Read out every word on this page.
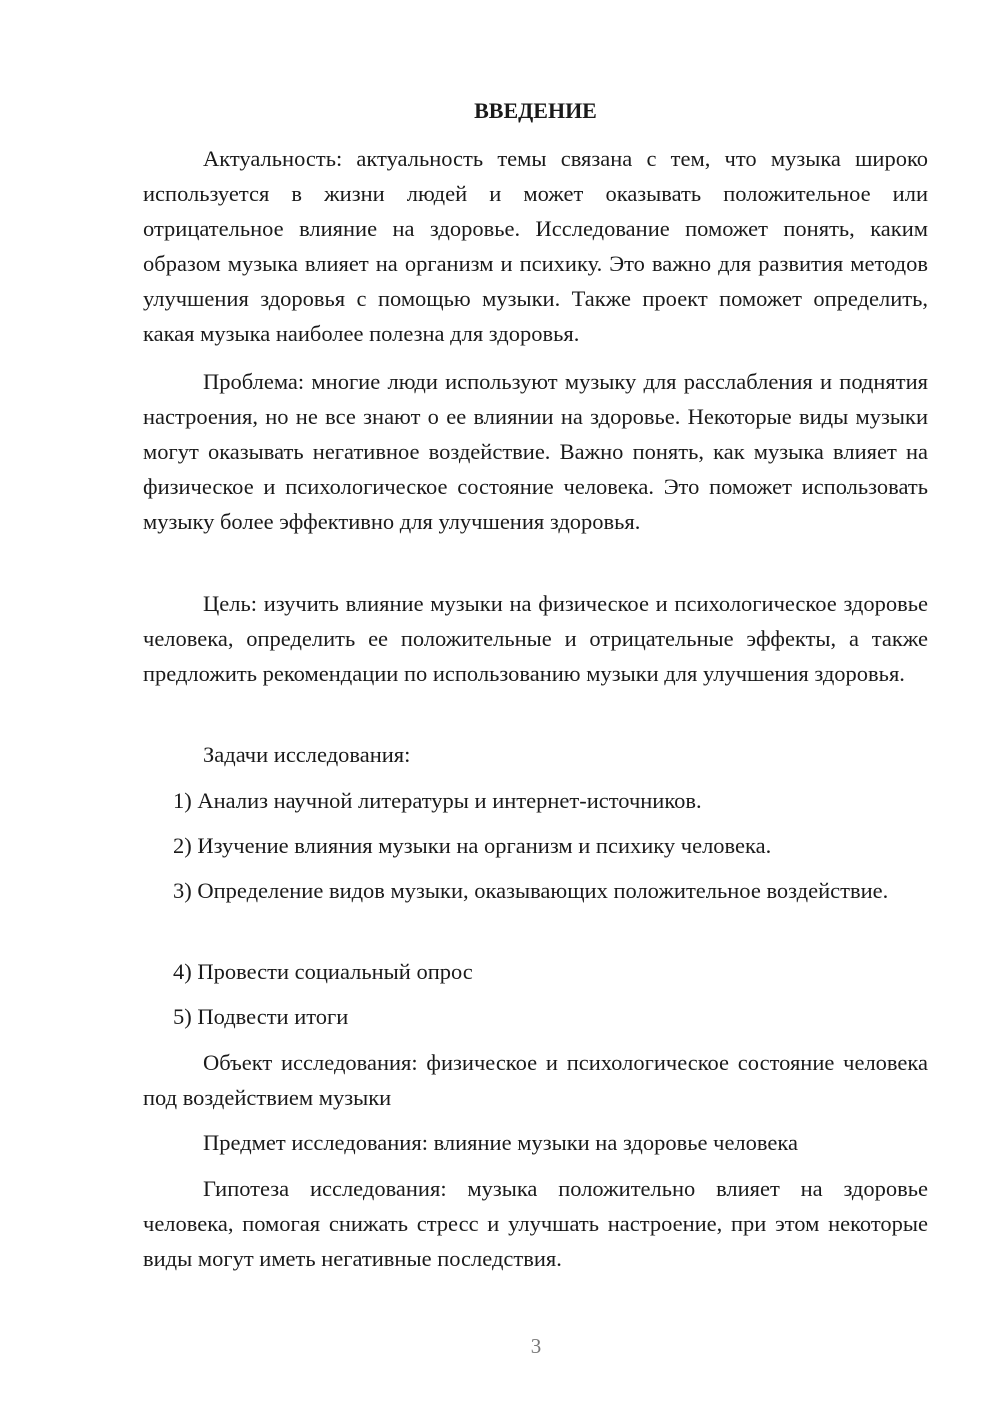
ВВЕДЕНИЕ

Актуальность: актуальность темы связана с тем, что музыка широко используется в жизни людей и может оказывать положительное или отрицательное влияние на здоровье. Исследование поможет понять, каким образом музыка влияет на организм и психику. Это важно для развития методов улучшения здоровья с помощью музыки. Также проект поможет определить, какая музыка наиболее полезна для здоровья.

Проблема: многие люди используют музыку для расслабления и поднятия настроения, но не все знают о ее влиянии на здоровье. Некоторые виды музыки могут оказывать негативное воздействие. Важно понять, как музыка влияет на физическое и психологическое состояние человека. Это поможет использовать музыку более эффективно для улучшения здоровья.

Цель: изучить влияние музыки на физическое и психологическое здоровье человека, определить ее положительные и отрицательные эффекты, а также предложить рекомендации по использованию музыки для улучшения здоровья.

Задачи исследования:

1) Анализ научной литературы и интернет-источников.

2) Изучение влияния музыки на организм и психику человека.

3) Определение видов музыки, оказывающих положительное воздействие.

4) Провести социальный опрос

5) Подвести итоги

Объект исследования: физическое и психологическое состояние человека под воздействием музыки

Предмет исследования: влияние музыки на здоровье человека

Гипотеза исследования: музыка положительно влияет на здоровье человека, помогая снижать стресс и улучшать настроение, при этом некоторые виды могут иметь негативные последствия.

3
